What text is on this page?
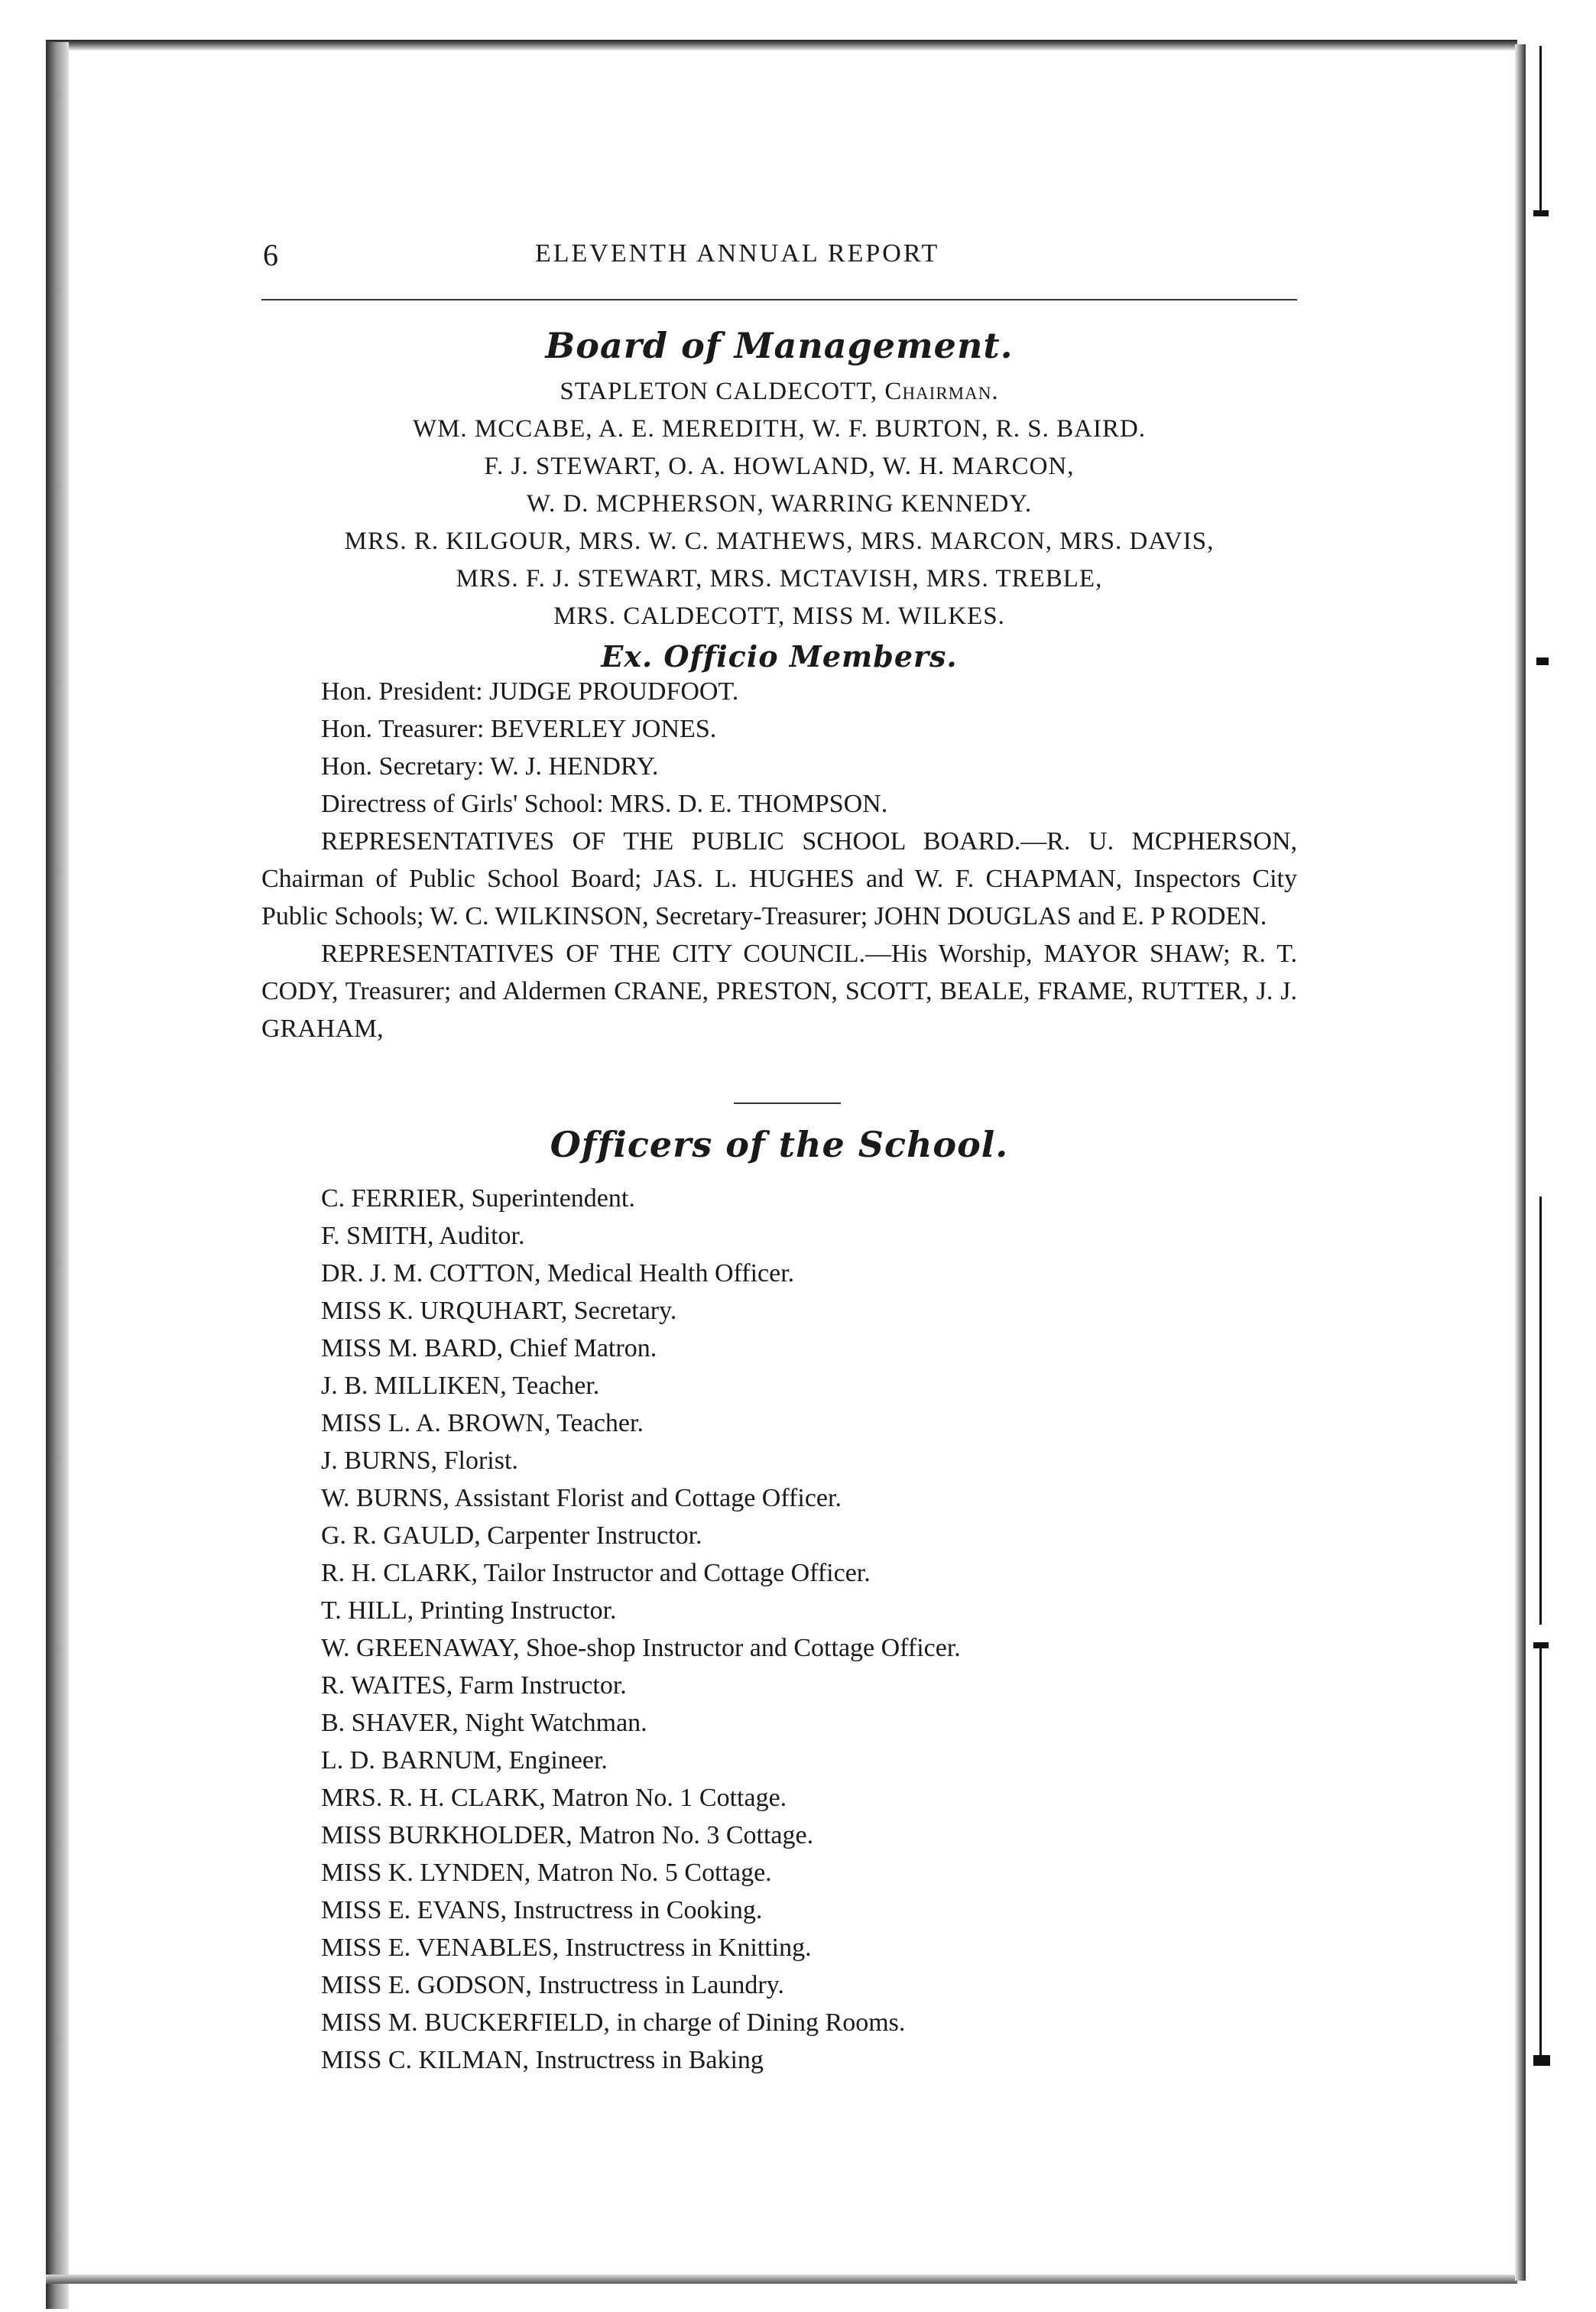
6	ELEVENTH ANNUAL REPORT
Board of Management.
STAPLETON CALDECOTT, Chairman.
WM. MCCABE, A. E. MEREDITH, W. F. BURTON, R. S. BAIRD.
F. J. STEWART, O. A. HOWLAND, W. H. MARCON,
W. D. MCPHERSON, WARRING KENNEDY.
MRS. R. KILGOUR, MRS. W. C. MATHEWS, MRS. MARCON, MRS. DAVIS,
MRS. F. J. STEWART, MRS. MCTAVISH, MRS. TREBLE,
MRS. CALDECOTT, MISS M. WILKES.
Ex. Officio Members.

Hon. President: JUDGE PROUDFOOT.

Hon. Treasurer: BEVERLEY JONES.

Hon. Secretary: W. J. HENDRY.

Directress of Girls' School: MRS. D. E. THOMPSON.

REPRESENTATIVES OF THE PUBLIC SCHOOL BOARD.—R. U. MCPHERSON, Chairman of Public School Board; JAS. L. HUGHES and W. F. CHAPMAN, Inspectors City Public Schools; W. C. WILKINSON, Secretary-Treasurer; JOHN DOUGLAS and E. P RODEN.

REPRESENTATIVES OF THE CITY COUNCIL.—His Worship, MAYOR SHAW; R. T. CODY, Treasurer; and Aldermen CRANE, PRESTON, SCOTT, BEALE, FRAME, RUTTER, J. J. GRAHAM,

Officers of the School.

C. FERRIER, Superintendent.

F. SMITH, Auditor.

DR. J. M. COTTON, Medical Health Officer.

MISS K. URQUHART, Secretary.

MISS M. BARD, Chief Matron.

J. B. MILLIKEN, Teacher.

MISS L. A. BROWN, Teacher.

J. BURNS, Florist.

W. BURNS, Assistant Florist and Cottage Officer.

G. R. GAULD, Carpenter Instructor.

R. H. CLARK, Tailor Instructor and Cottage Officer.

T. HILL, Printing Instructor.

W. GREENAWAY, Shoe-shop Instructor and Cottage Officer.

R. WAITES, Farm Instructor.

B. SHAVER, Night Watchman.

L. D. BARNUM, Engineer.

MRS. R. H. CLARK, Matron No. 1 Cottage.

MISS BURKHOLDER, Matron No. 3 Cottage.

MISS K. LYNDEN, Matron No. 5 Cottage.

MISS E. EVANS, Instructress in Cooking.

MISS E. VENABLES, Instructress in Knitting.

MISS E. GODSON, Instructress in Laundry.

MISS M. BUCKERFIELD, in charge of Dining Rooms.

MISS C. KILMAN, Instructress in Baking
